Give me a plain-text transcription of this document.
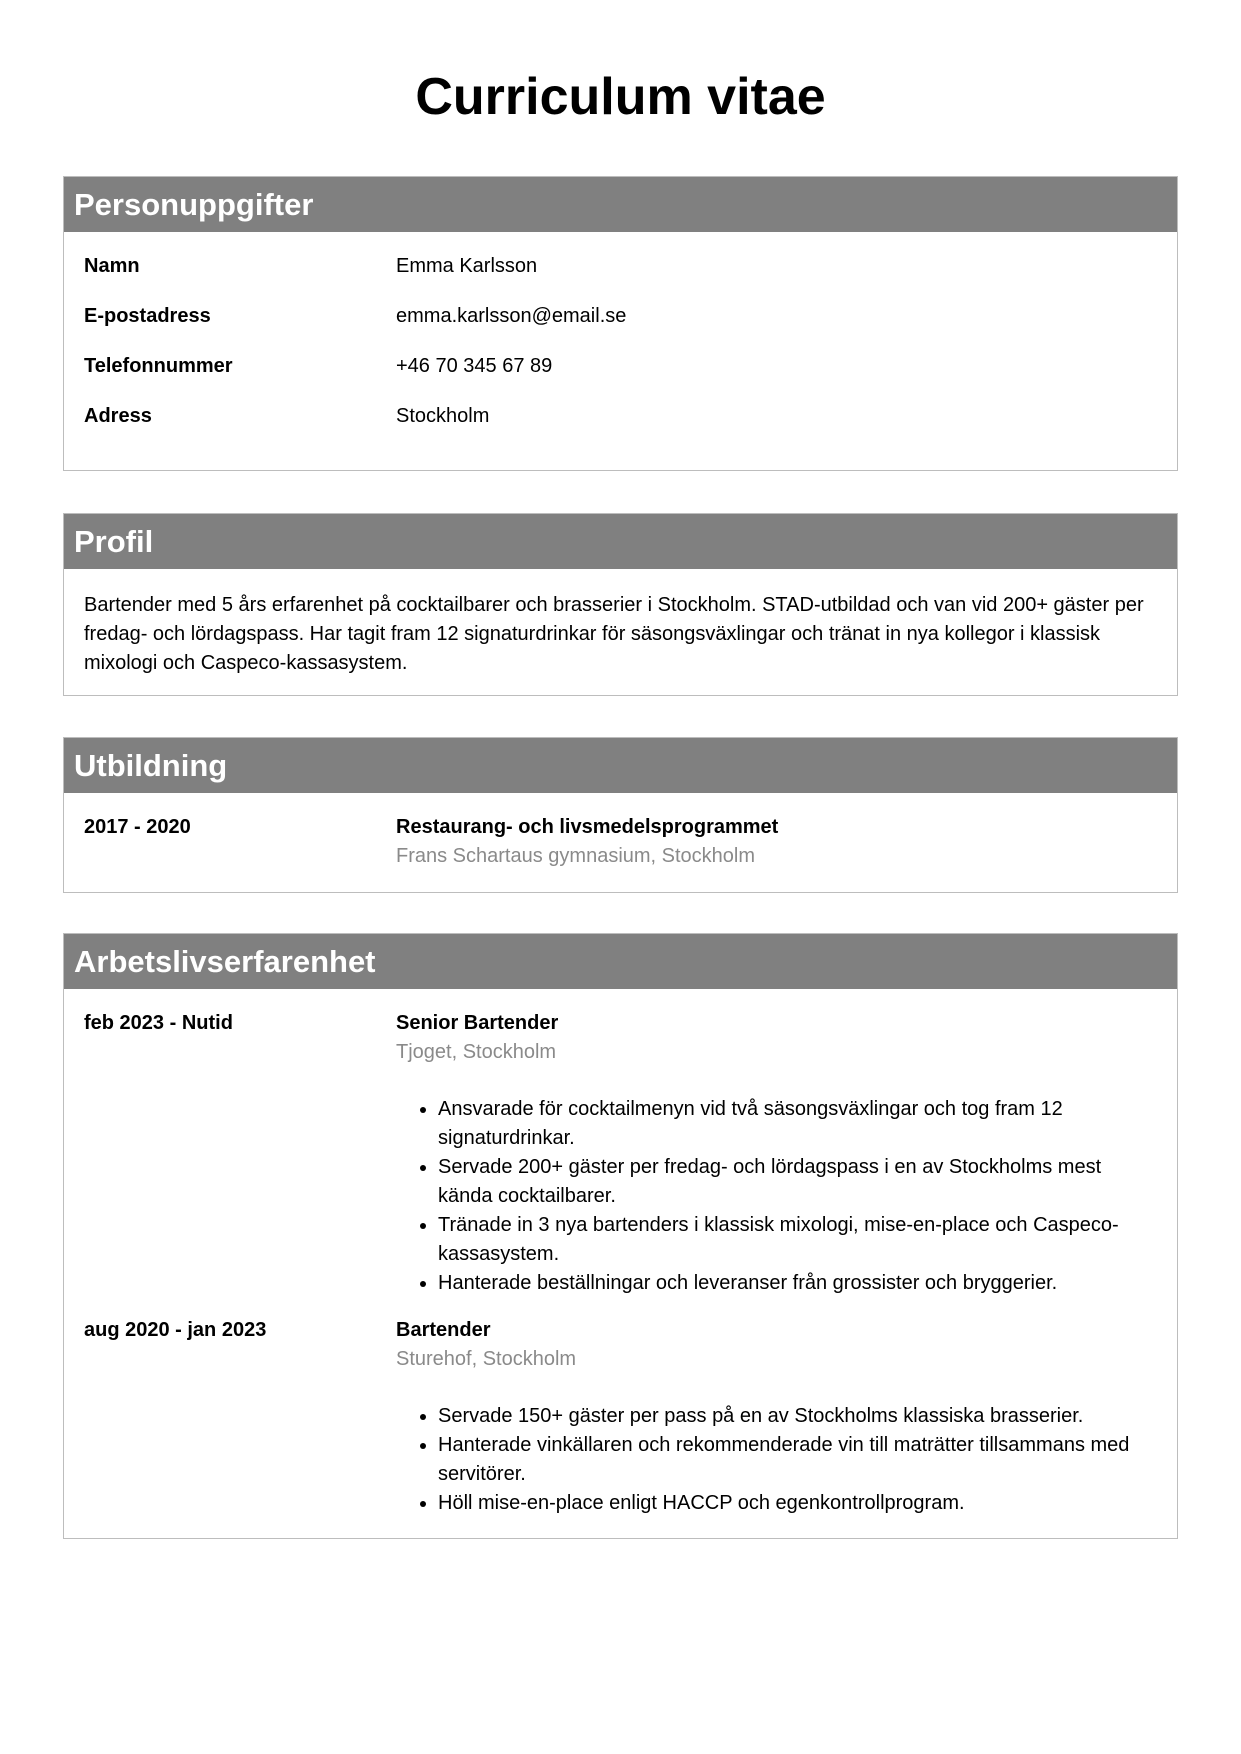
Curriculum vitae
Personuppgifter
Namn	Emma Karlsson
E-postadress	emma.karlsson@email.se
Telefonnummer	+46 70 345 67 89
Adress	Stockholm
Profil
Bartender med 5 års erfarenhet på cocktailbarer och brasserier i Stockholm. STAD-utbildad och van vid 200+ gäster per fredag- och lördagspass. Har tagit fram 12 signaturdrinkar för säsongsväxlingar och tränat in nya kollegor i klassisk mixologi och Caspeco-kassasystem.
Utbildning
2017 - 2020	Restaurang- och livsmedelsprogrammet
Frans Schartaus gymnasium, Stockholm
Arbetslivserfarenhet
feb 2023 - Nutid	Senior Bartender
Tjoget, Stockholm
• Ansvarade för cocktailmenyn vid två säsongsväxlingar och tog fram 12 signaturdrinkar.
• Servade 200+ gäster per fredag- och lördagspass i en av Stockholms mest kända cocktailbarer.
• Tränade in 3 nya bartenders i klassisk mixologi, mise-en-place och Caspeco-kassasystem.
• Hanterade beställningar och leveranser från grossister och bryggerier.
aug 2020 - jan 2023	Bartender
Sturehof, Stockholm
• Servade 150+ gäster per pass på en av Stockholms klassiska brasserier.
• Hanterade vinkällaren och rekommenderade vin till maträtter tillsammans med servitörer.
• Höll mise-en-place enligt HACCP och egenkontrollprogram.
